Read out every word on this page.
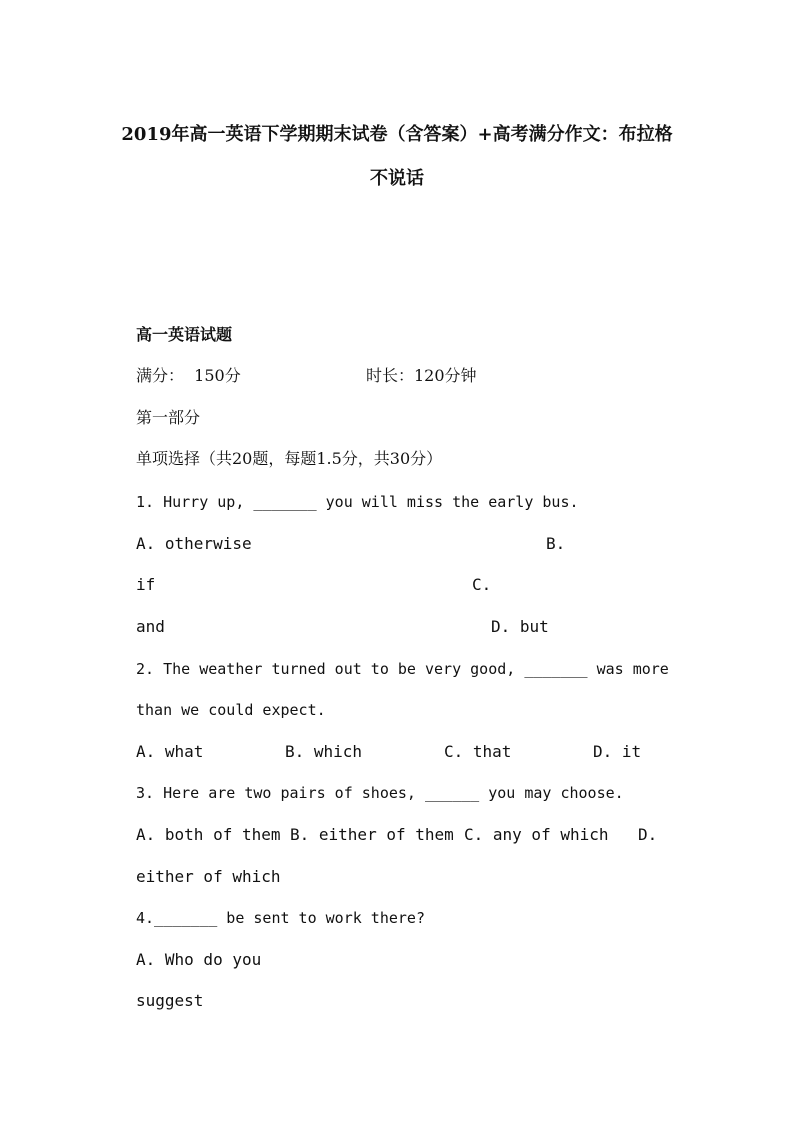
2019年高一英语下学期期末试卷（含答案）+高考满分作文：布拉格
不说话
高一英语试题
满分：  150分	时长：120分钟
第一部分
单项选择（共20题，每题1.5分，共30分）
1. Hurry up, _______ you will miss the early bus.
A. otherwise	B.
if	C.
and	D. but
2. The weather turned out to be very good, _______ was more
than we could expect.
A. what	B. which	C. that	D. it
3. Here are two pairs of shoes, ______ you may choose.
A. both of them B. either of them C. any of which D.
either of which
4._______ be sent to work there?
A. Who do you
suggest
